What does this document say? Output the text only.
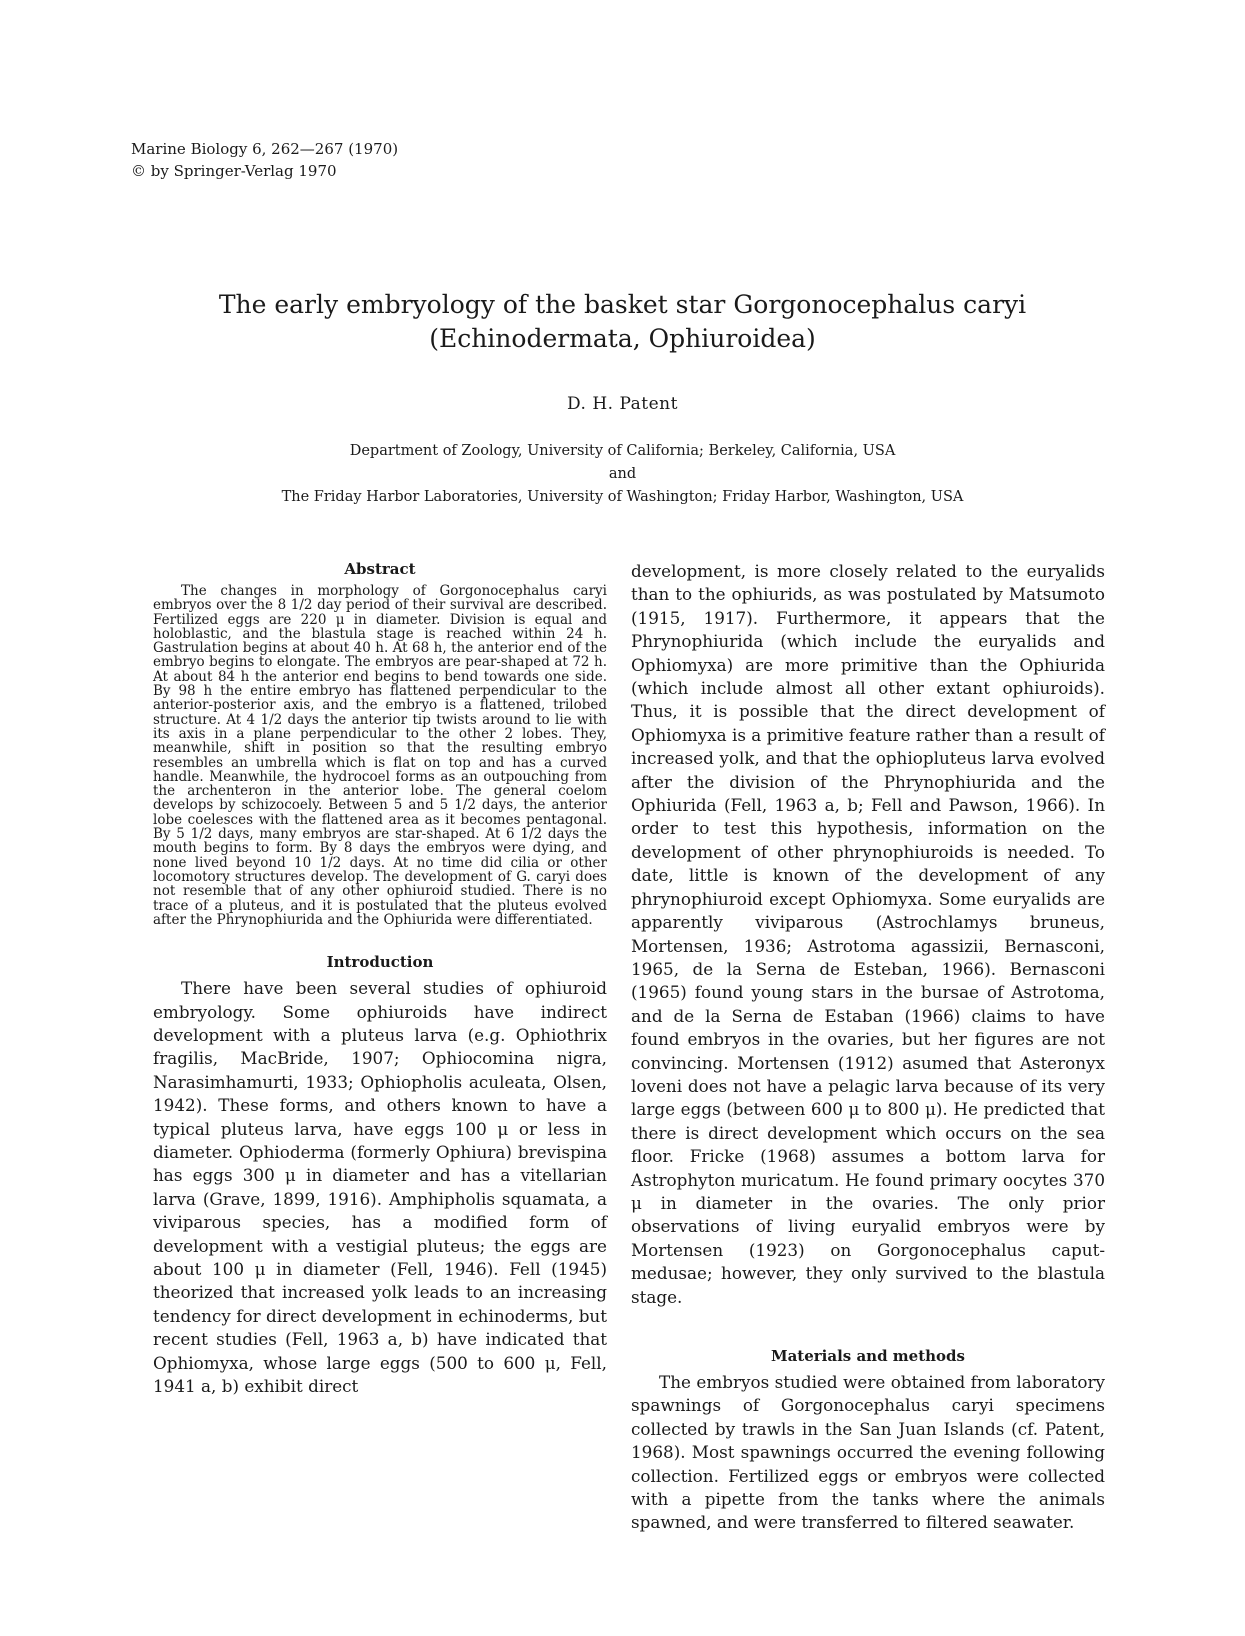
Marine Biology 6, 262—267 (1970)
© by Springer-Verlag 1970
The early embryology of the basket star Gorgonocephalus caryi
(Echinodermata, Ophiuroidea)
D. H. Patent
Department of Zoology, University of California; Berkeley, California, USA
and
The Friday Harbor Laboratories, University of Washington; Friday Harbor, Washington, USA
Abstract

The changes in morphology of Gorgonocephalus caryi embryos over the 8 1/2 day period of their survival are described. Fertilized eggs are 220 μ in diameter. Division is equal and holoblastic, and the blastula stage is reached within 24 h. Gastrulation begins at about 40 h. At 68 h, the anterior end of the embryo begins to elongate. The embryos are pear-shaped at 72 h. At about 84 h the anterior end begins to bend towards one side. By 98 h the entire embryo has flattened perpendicular to the anterior-posterior axis, and the embryo is a flattened, trilobed structure. At 4 1/2 days the anterior tip twists around to lie with its axis in a plane perpendicular to the other 2 lobes. They, meanwhile, shift in position so that the resulting embryo resembles an umbrella which is flat on top and has a curved handle. Meanwhile, the hydrocoel forms as an outpouching from the archenteron in the anterior lobe. The general coelom develops by schizocoely. Between 5 and 5 1/2 days, the anterior lobe coelesces with the flattened area as it becomes pentagonal. By 5 1/2 days, many embryos are star-shaped. At 6 1/2 days the mouth begins to form. By 8 days the embryos were dying, and none lived beyond 10 1/2 days. At no time did cilia or other locomotory structures develop. The development of G. caryi does not resemble that of any other ophiuroid studied. There is no trace of a pluteus, and it is postulated that the pluteus evolved after the Phrynophiurida and the Ophiurida were differentiated.

Introduction

There have been several studies of ophiuroid embryology. Some ophiuroids have indirect development with a pluteus larva (e.g. Ophiothrix fragilis, MacBride, 1907; Ophiocomina nigra, Narasimhamurti, 1933; Ophiopholis aculeata, Olsen, 1942). These forms, and others known to have a typical pluteus larva, have eggs 100 μ or less in diameter. Ophioderma (formerly Ophiura) brevispina has eggs 300 μ in diameter and has a vitellarian larva (Grave, 1899, 1916). Amphipholis squamata, a viviparous species, has a modified form of development with a vestigial pluteus; the eggs are about 100 μ in diameter (Fell, 1946). Fell (1945) theorized that increased yolk leads to an increasing tendency for direct development in echinoderms, but recent studies (Fell, 1963 a, b) have indicated that Ophiomyxa, whose large eggs (500 to 600 μ, Fell, 1941 a, b) exhibit direct

development, is more closely related to the euryalids than to the ophiurids, as was postulated by Matsumoto (1915, 1917). Furthermore, it appears that the Phrynophiurida (which include the euryalids and Ophiomyxa) are more primitive than the Ophiurida (which include almost all other extant ophiuroids). Thus, it is possible that the direct development of Ophiomyxa is a primitive feature rather than a result of increased yolk, and that the ophiopluteus larva evolved after the division of the Phrynophiurida and the Ophiurida (Fell, 1963 a, b; Fell and Pawson, 1966). In order to test this hypothesis, information on the development of other phrynophiuroids is needed. To date, little is known of the development of any phrynophiuroid except Ophiomyxa. Some euryalids are apparently viviparous (Astrochlamys bruneus, Mortensen, 1936; Astrotoma agassizii, Bernasconi, 1965, de la Serna de Esteban, 1966). Bernasconi (1965) found young stars in the bursae of Astrotoma, and de la Serna de Estaban (1966) claims to have found embryos in the ovaries, but her figures are not convincing. Mortensen (1912) asumed that Asteronyx loveni does not have a pelagic larva because of its very large eggs (between 600 μ to 800 μ). He predicted that there is direct development which occurs on the sea floor. Fricke (1968) assumes a bottom larva for Astrophyton muricatum. He found primary oocytes 370 μ in diameter in the ovaries. The only prior observations of living euryalid embryos were by Mortensen (1923) on Gorgonocephalus caput-medusae; however, they only survived to the blastula stage.

Materials and methods

The embryos studied were obtained from laboratory spawnings of Gorgonocephalus caryi specimens collected by trawls in the San Juan Islands (cf. Patent, 1968). Most spawnings occurred the evening following collection. Fertilized eggs or embryos were collected with a pipette from the tanks where the animals spawned, and were transferred to filtered seawater.
